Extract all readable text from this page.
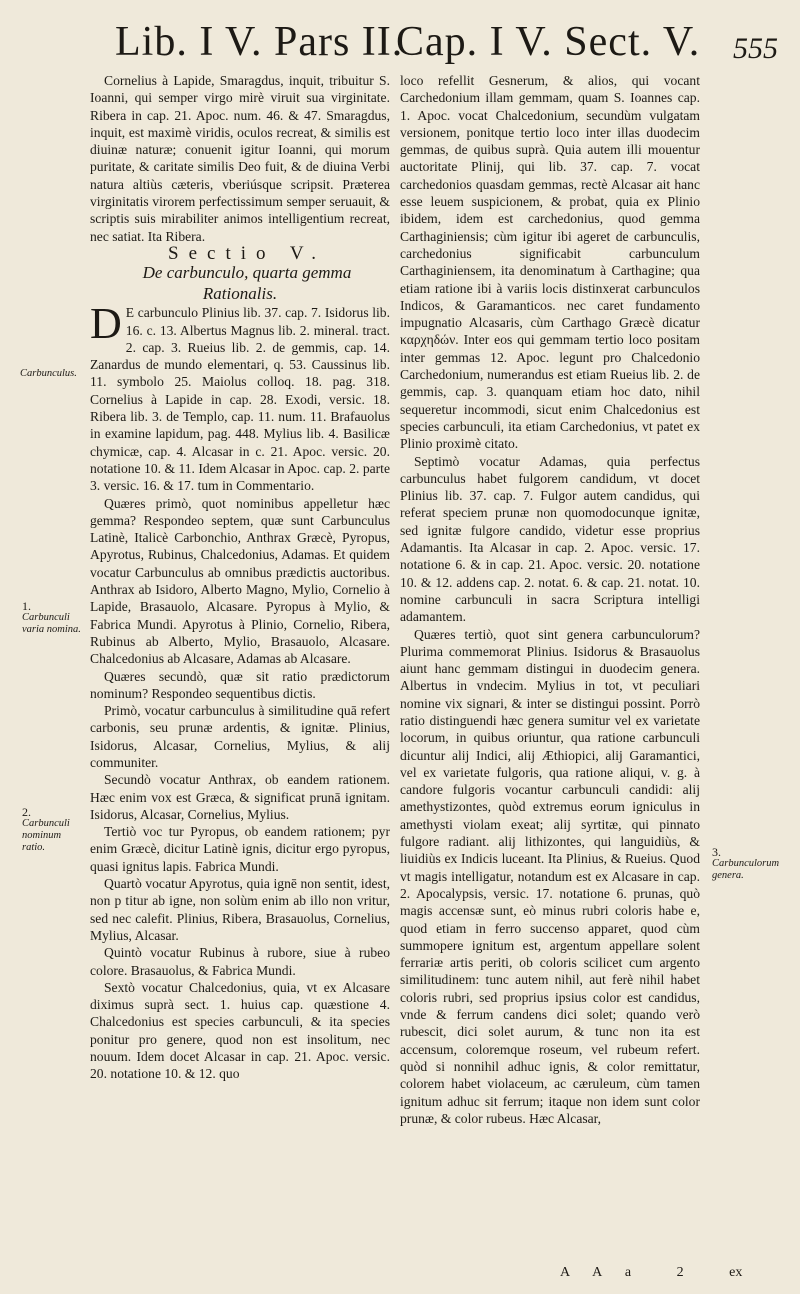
Lib. I V. Pars II.
Cap. I V. Sect. V. 555
Carbunculus.
1.
Carbunculi varia nomina.
2.
Carbunculi nominum ratio.	3.
Carbunculorum genera.

Cornelius à Lapide, Smaragdus, inquit, tribuitur S. Ioanni, qui semper virgo mirè viruit sua virginitate. Ribera in cap. 21. Apoc. num. 46. & 47. Smaragdus, inquit, est maximè viridis, oculos recreat, & similis est diuinæ naturæ; conuenit igitur Ioanni, qui morum puritate, & caritate similis Deo fuit, & de diuina Verbi natura altiùs cæteris, vberiúsque scripsit. Præterea virginitatis virorem perfectissimum semper seruauit, & scriptis suis mirabiliter animos intelligentium recreat, nec satiat. Ita Ribera.

Sectio V.

De carbunculo, quarta gemma Rationalis.

D E carbunculo Plinius lib. 37. cap. 7. Isidorus lib. 16. c. 13. Albertus Magnus lib. 2. mineral. tract. 2. cap. 3. Rueius lib. 2. de gemmis, cap. 14. Zanardus de mundo elementari, q. 53. Caussinus lib. 11. symbolo 25. Maiolus colloq. 18. pag. 318. Cornelius à Lapide in cap. 28. Exodi, versic. 18. Ribera lib. 3. de Templo, cap. 11. num. 11. Brafauolus in examine lapidum, pag. 448. Mylius lib. 4. Basilicæ chymicæ, cap. 4. Alcasar in c. 21. Apoc. versic. 20. notatione 10. & 11. Idem Alcasar in Apoc. cap. 2. parte 3. versic. 16. & 17. tum in Commentario.

Quæres primò, quot nominibus appelletur hæc gemma? Respondeo septem, quæ sunt Carbunculus Latinè, Italicè Carbonchio, Anthrax Græcè, Pyropus, Apyrotus, Rubinus, Chalcedonius, Adamas. Et quidem vocatur Carbunculus ab omnibus prædictis auctoribus. Anthrax ab Isidoro, Alberto Magno, Mylio, Cornelio à Lapide, Brasauolo, Alcasare. Pyropus à Mylio, & Fabrica Mundi. Apyrotus à Plinio, Cornelio, Ribera, Rubinus ab Alberto, Mylio, Brasauolo, Alcasare. Chalcedonius ab Alcasare, Adamas ab Alcasare.

Quæres secundò, quæ sit ratio prædictorum nominum? Respondeo sequentibus dictis.

Primò, vocatur carbunculus à similitudine quā refert carbonis, seu prunæ ardentis, & ignitæ. Plinius, Isidorus, Alcasar, Cornelius, Mylius, & alij communiter.

Secundò vocatur Anthrax, ob eandem rationem. Hæc enim vox est Græca, & significat prunā ignitam. Isidorus, Alcasar, Cornelius, Mylius.

Tertiò voc tur Pyropus, ob eandem rationem; pyr enim Græcè, dicitur Latinè ignis, dicitur ergo pyropus, quasi ignitus lapis. Fabrica Mundi.

Quartò vocatur Apyrotus, quia ignē non sentit, idest, non p titur ab igne, non solùm enim ab illo non vritur, sed nec calefit. Plinius, Ribera, Brasauolus, Cornelius, Mylius, Alcasar.

Quintò vocatur Rubinus à rubore, siue à rubeo colore. Brasauolus, & Fabrica Mundi.

Sextò vocatur Chalcedonius, quia, vt ex Alcasare diximus suprà sect. 1. huius cap. quæstione 4. Chalcedonius est species carbunculi, & ita species ponitur pro genere, quod non est insolitum, nec nouum. Idem docet Alcasar in cap. 21. Apoc. versic. 20. notatione 10. & 12. quo

loco refellit Gesnerum, & alios, qui vocant Carchedonium illam gemmam, quam S. Ioannes cap. 1. Apoc. vocat Chalcedonium, secundùm vulgatam versionem, ponitque tertio loco inter illas duodecim gemmas, de quibus suprà. Quia autem illi mouentur auctoritate Plinij, qui lib. 37. cap. 7. vocat carchedonios quasdam gemmas, rectè Alcasar ait hanc esse leuem suspicionem, & probat, quia ex Plinio ibidem, idem est carchedonius, quod gemma Carthaginiensis; cùm igitur ibi ageret de carbunculis, carchedonius significabit carbunculum Carthaginiensem, ita denominatum à Carthagine; qua etiam ratione ibi à variis locis distinxerat carbunculos Indicos, & Garamanticos. nec caret fundamento impugnatio Alcasaris, cùm Carthago Græcè dicatur καρχηδών. Inter eos qui gemmam tertio loco positam inter gemmas 12. Apoc. legunt pro Chalcedonio Carchedonium, numerandus est etiam Rueius lib. 2. de gemmis, cap. 3. quanquam etiam hoc dato, nihil sequeretur incommodi, sicut enim Chalcedonius est species carbunculi, ita etiam Carchedonius, vt patet ex Plinio proximè citato.

Septimò vocatur Adamas, quia perfectus carbunculus habet fulgorem candidum, vt docet Plinius lib. 37. cap. 7. Fulgor autem candidus, qui referat speciem prunæ non quomodocunque ignitæ, sed ignitæ fulgore candido, videtur esse proprius Adamantis. Ita Alcasar in cap. 2. Apoc. versic. 17. notatione 6. & in cap. 21. Apoc. versic. 20. notatione 10. & 12. addens cap. 2. notat. 6. & cap. 21. notat. 10. nomine carbunculi in sacra Scriptura intelligi adamantem.

Quæres tertiò, quot sint genera carbunculorum? Plurima commemorat Plinius. Isidorus & Brasauolus aiunt hanc gemmam distingui in duodecim genera. Albertus in vndecim. Mylius in tot, vt peculiari nomine vix signari, & inter se distingui possint. Porrò ratio distinguendi hæc genera sumitur vel ex varietate locorum, in quibus oriuntur, qua ratione carbunculi dicuntur alij Indici, alij Æthiopici, alij Garamantici, vel ex varietate fulgoris, qua ratione aliqui, v. g. à candore fulgoris vocantur carbunculi candidi: alij amethystizontes, quòd extremus eorum igniculus in amethysti violam exeat; alij syrtitæ, qui pinnato fulgore radiant. alij lithizontes, qui languidiùs, & liuidiùs ex Indicis luceant. Ita Plinius, & Rueius. Quod vt magis intelligatur, notandum est ex Alcasare in cap. 2. Apocalypsis, versic. 17. notatione 6. prunas, quò magis accensæ sunt, eò minus rubri coloris habe e, quod etiam in ferro succenso apparet, quod cùm summopere ignitum est, argentum appellare solent ferrariæ artis periti, ob coloris scilicet cum argento similitudinem: tunc autem nihil, aut ferè nihil habet coloris rubri, sed proprius ipsius color est candidus, vnde & ferrum candens dici solet; quando verò rubescit, dici solet aurum, & tunc non ita est accensum, coloremque roseum, vel rubeum refert. quòd si nonnihil adhuc ignis, & color remittatur, colorem habet violaceum, ac cæruleum, cùm tamen ignitum adhuc sit ferrum; itaque non idem sunt color prunæ, & color rubeus. Hæc Alcasar,

A A a	2	ex
